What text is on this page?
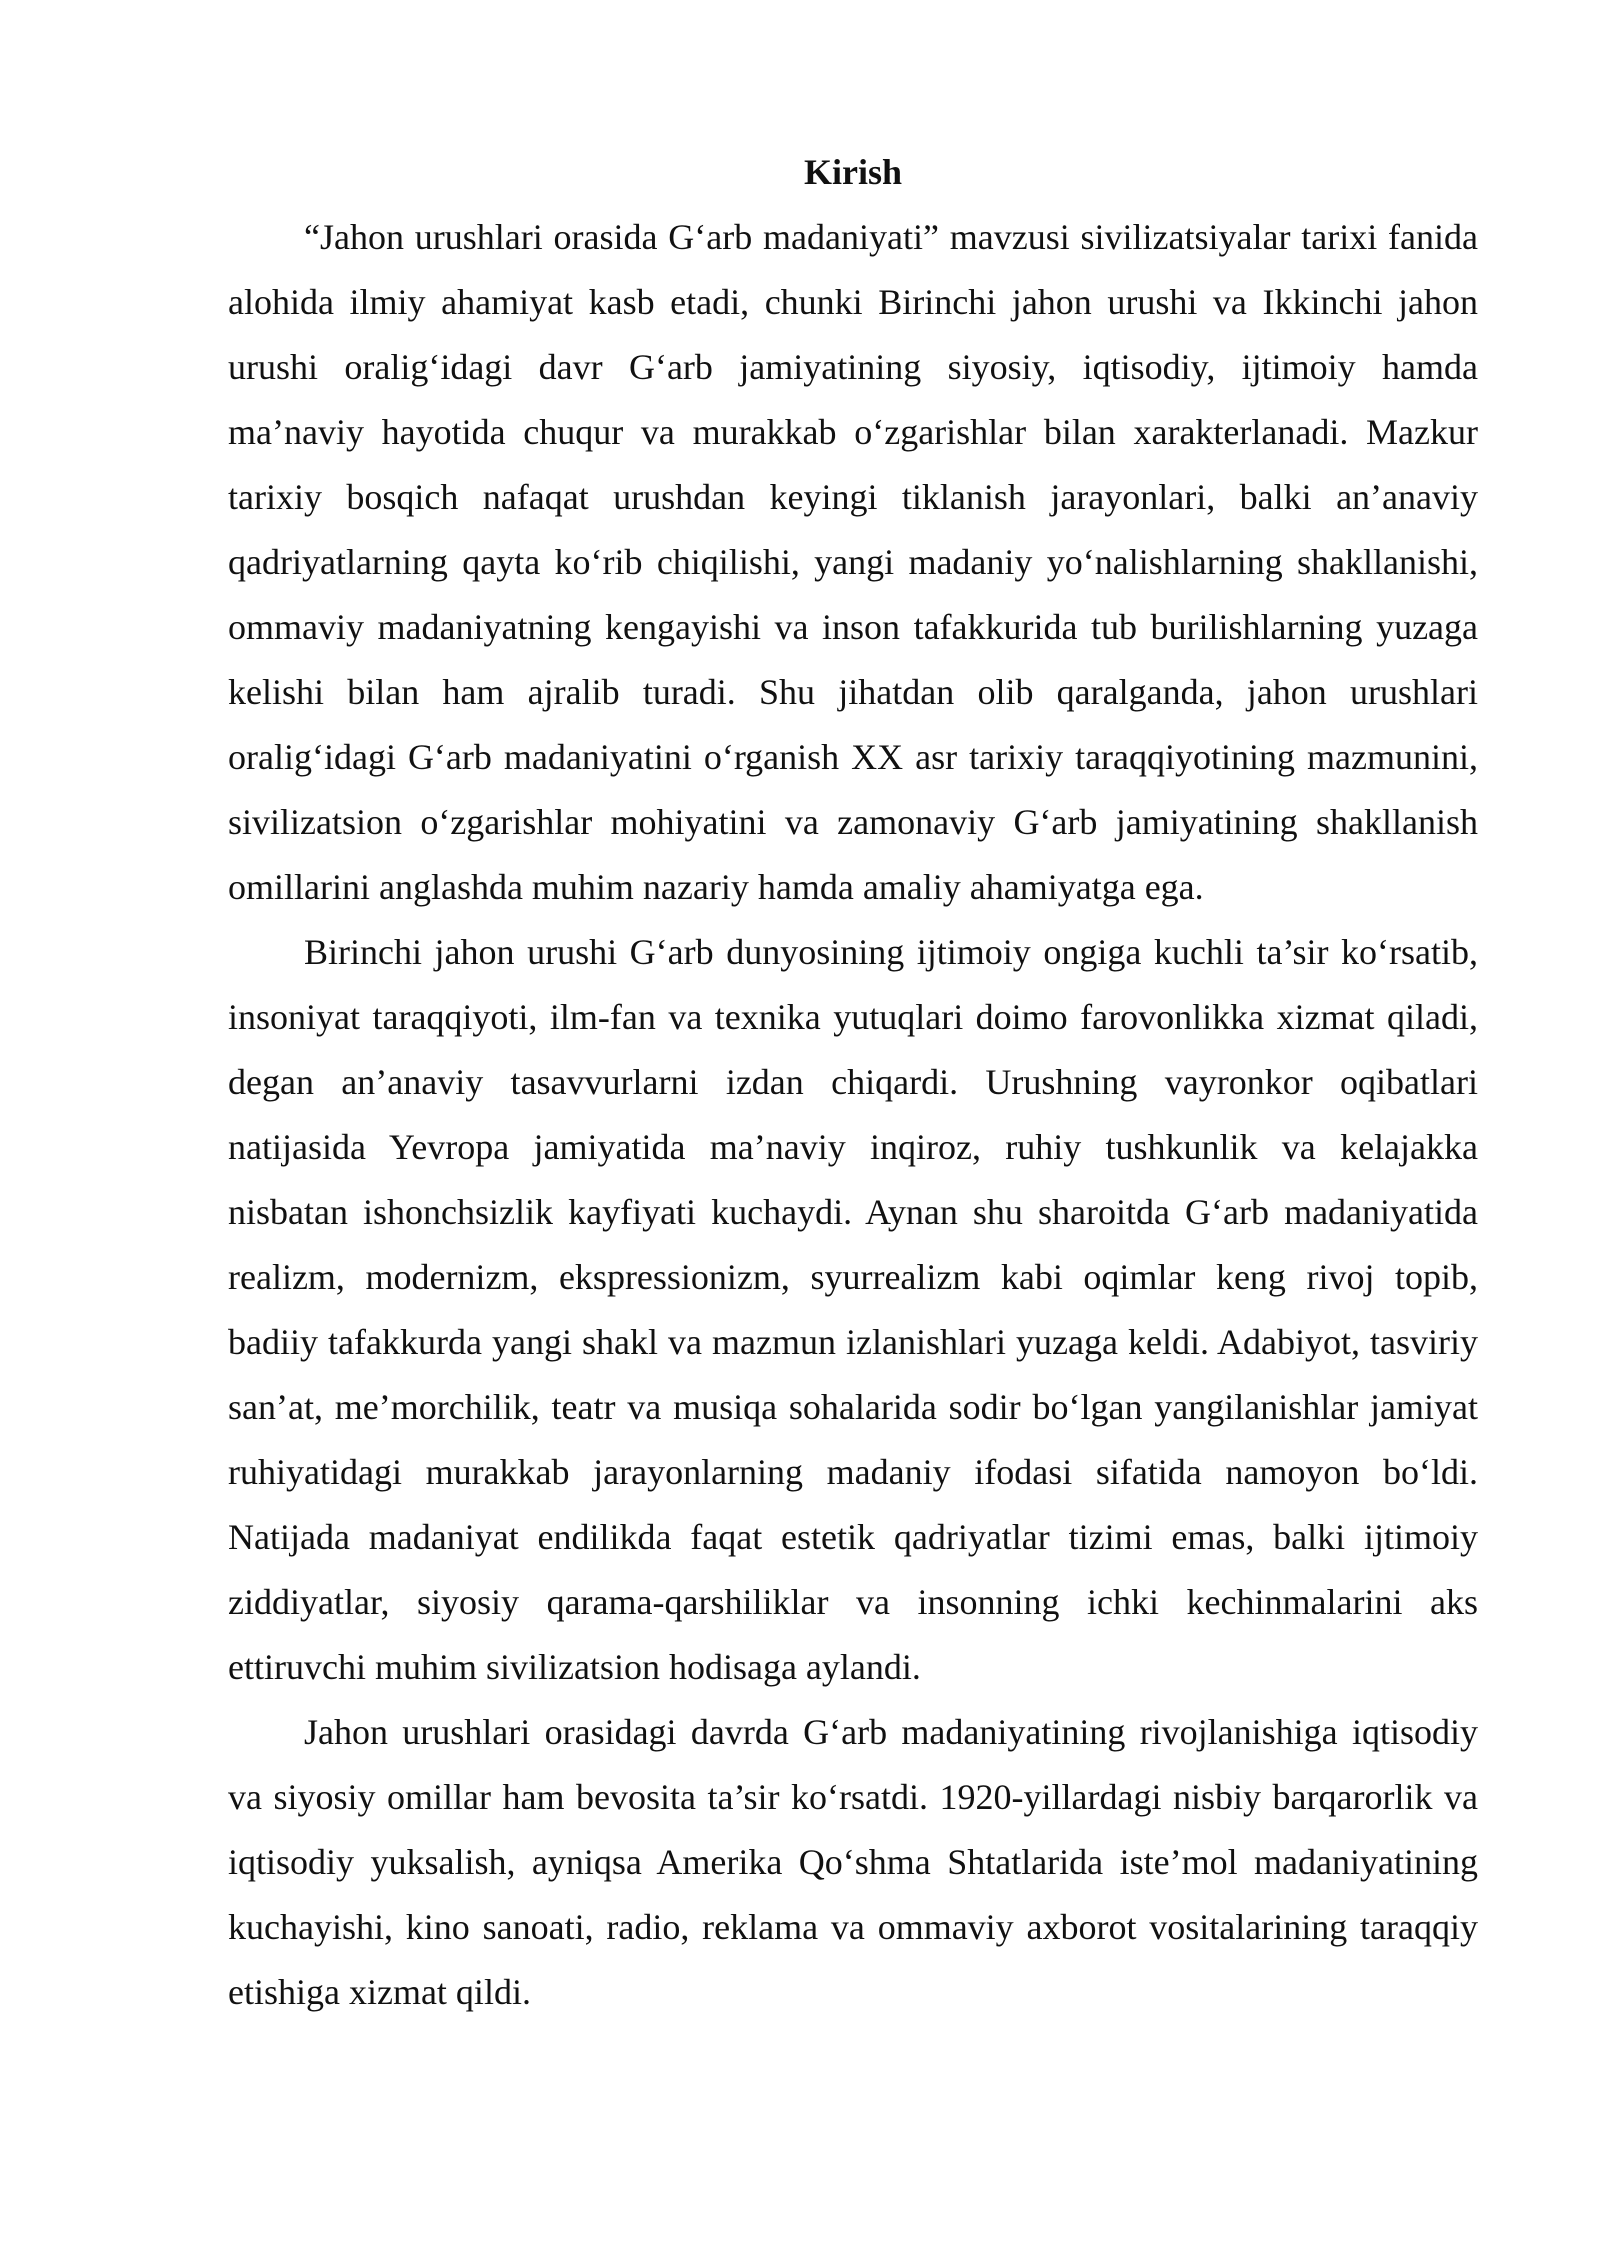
Kirish

“Jahon urushlari orasida G‘arb madaniyati” mavzusi sivilizatsiyalar tarixi fanida alohida ilmiy ahamiyat kasb etadi, chunki Birinchi jahon urushi va Ikkinchi jahon urushi oralig‘idagi davr G‘arb jamiyatining siyosiy, iqtisodiy, ijtimoiy hamda ma’naviy hayotida chuqur va murakkab o‘zgarishlar bilan xarakterlanadi. Mazkur tarixiy bosqich nafaqat urushdan keyingi tiklanish jarayonlari, balki an’anaviy qadriyatlarning qayta ko‘rib chiqilishi, yangi madaniy yo‘nalishlarning shakllanishi, ommaviy madaniyatning kengayishi va inson tafakkurida tub burilishlarning yuzaga kelishi bilan ham ajralib turadi. Shu jihatdan olib qaralganda, jahon urushlari oralig‘idagi G‘arb madaniyatini o‘rganish XX asr tarixiy taraqqiyotining mazmunini, sivilizatsion o‘zgarishlar mohiyatini va zamonaviy G‘arb jamiyatining shakllanish omillarini anglashda muhim nazariy hamda amaliy ahamiyatga ega.

Birinchi jahon urushi G‘arb dunyosining ijtimoiy ongiga kuchli ta’sir ko‘rsatib, insoniyat taraqqiyoti, ilm-fan va texnika yutuqlari doimo farovonlikka xizmat qiladi, degan an’anaviy tasavvurlarni izdan chiqardi. Urushning vayronkor oqibatlari natijasida Yevropa jamiyatida ma’naviy inqiroz, ruhiy tushkunlik va kelajakka nisbatan ishonchsizlik kayfiyati kuchaydi. Aynan shu sharoitda G‘arb madaniyatida realizm, modernizm, ekspressionizm, syurrealizm kabi oqimlar keng rivoj topib, badiiy tafakkurda yangi shakl va mazmun izlanishlari yuzaga keldi. Adabiyot, tasviriy san’at, me’morchilik, teatr va musiqa sohalarida sodir bo‘lgan yangilanishlar jamiyat ruhiyatidagi murakkab jarayonlarning madaniy ifodasi sifatida namoyon bo‘ldi. Natijada madaniyat endilikda faqat estetik qadriyatlar tizimi emas, balki ijtimoiy ziddiyatlar, siyosiy qarama-qarshiliklar va insonning ichki kechinmalarini aks ettiruvchi muhim sivilizatsion hodisaga aylandi.

Jahon urushlari orasidagi davrda G‘arb madaniyatining rivojlanishiga iqtisodiy va siyosiy omillar ham bevosita ta’sir ko‘rsatdi. 1920-yillardagi nisbiy barqarorlik va iqtisodiy yuksalish, ayniqsa Amerika Qo‘shma Shtatlarida iste’mol madaniyatining kuchayishi, kino sanoati, radio, reklama va ommaviy axborot vositalarining taraqqiy etishiga xizmat qildi.
